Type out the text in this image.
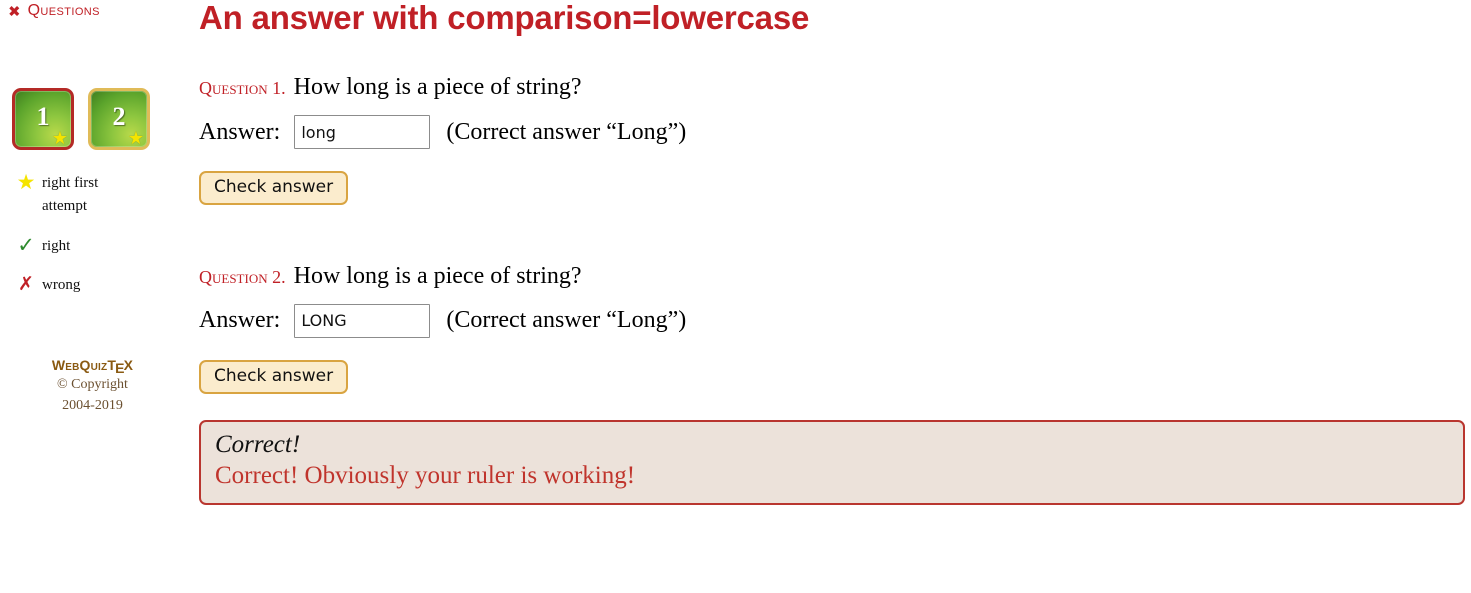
✖ Questions
1
★
2
★
★ right first attempt
✓ right
✗ wrong
WebQuizTEX
© Copyright
2004-2019
An answer with comparison=lowercase
Question 1. How long is a piece of string?
Answer:
long	(Correct answer “Long”)
Check answer
Question 2. How long is a piece of string?
Answer:
LONG	(Correct answer “Long”)
Check answer
Correct!
Correct! Obviously your ruler is working!
